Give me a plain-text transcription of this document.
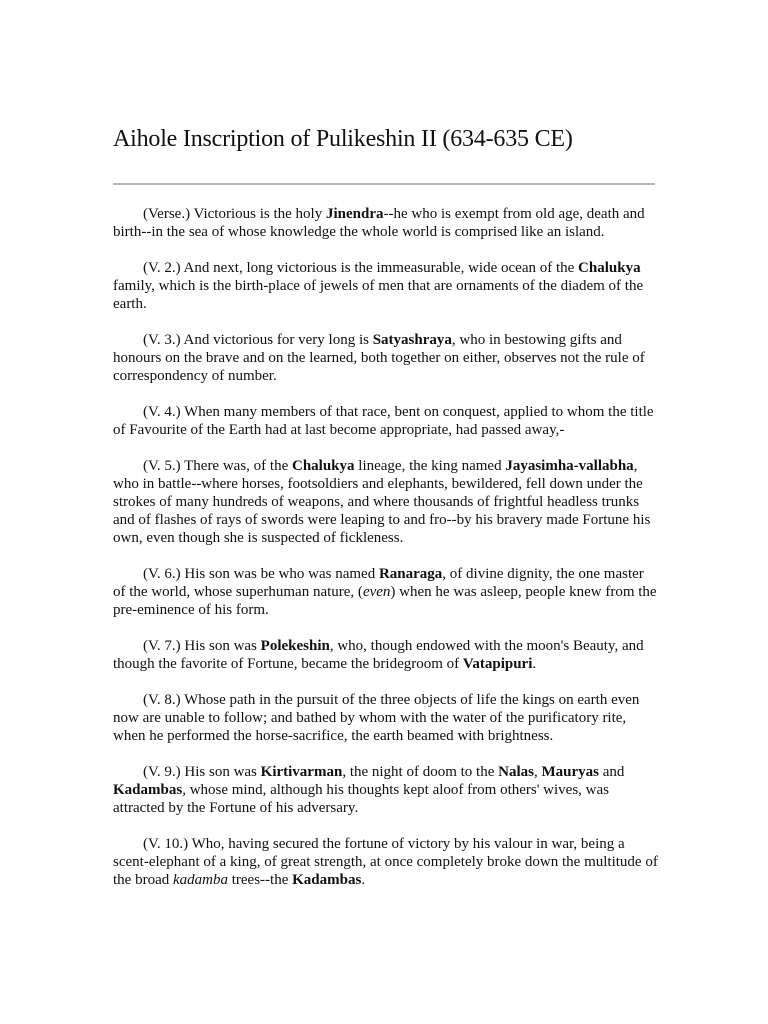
Aihole Inscription of Pulikeshin II (634-635 CE)

(Verse.) Victorious is the holy Jinendra--he who is exempt from old age, death and birth--in the sea of whose knowledge the whole world is comprised like an island.

(V. 2.) And next, long victorious is the immeasurable, wide ocean of the Chalukya family, which is the birth-place of jewels of men that are ornaments of the diadem of the earth.

(V. 3.) And victorious for very long is Satyashraya, who in bestowing gifts and honours on the brave and on the learned, both together on either, observes not the rule of correspondency of number.

(V. 4.) When many members of that race, bent on conquest, applied to whom the title of Favourite of the Earth had at last become appropriate, had passed away,-

(V. 5.) There was, of the Chalukya lineage, the king named Jayasimha-vallabha, who in battle--where horses, footsoldiers and elephants, bewildered, fell down under the strokes of many hundreds of weapons, and where thousands of frightful headless trunks and of flashes of rays of swords were leaping to and fro--by his bravery made Fortune his own, even though she is suspected of fickleness.

(V. 6.) His son was be who was named Ranaraga, of divine dignity, the one master of the world, whose superhuman nature, (even) when he was asleep, people knew from the pre-eminence of his form.

(V. 7.) His son was Polekeshin, who, though endowed with the moon's Beauty, and though the favorite of Fortune, became the bridegroom of Vatapipuri.

(V. 8.) Whose path in the pursuit of the three objects of life the kings on earth even now are unable to follow; and bathed by whom with the water of the purificatory rite, when he performed the horse-sacrifice, the earth beamed with brightness.

(V. 9.) His son was Kirtivarman, the night of doom to the Nalas, Mauryas and Kadambas, whose mind, although his thoughts kept aloof from others' wives, was attracted by the Fortune of his adversary.

(V. 10.) Who, having secured the fortune of victory by his valour in war, being a scent-elephant of a king, of great strength, at once completely broke down the multitude of the broad kadamba trees--the Kadambas.
